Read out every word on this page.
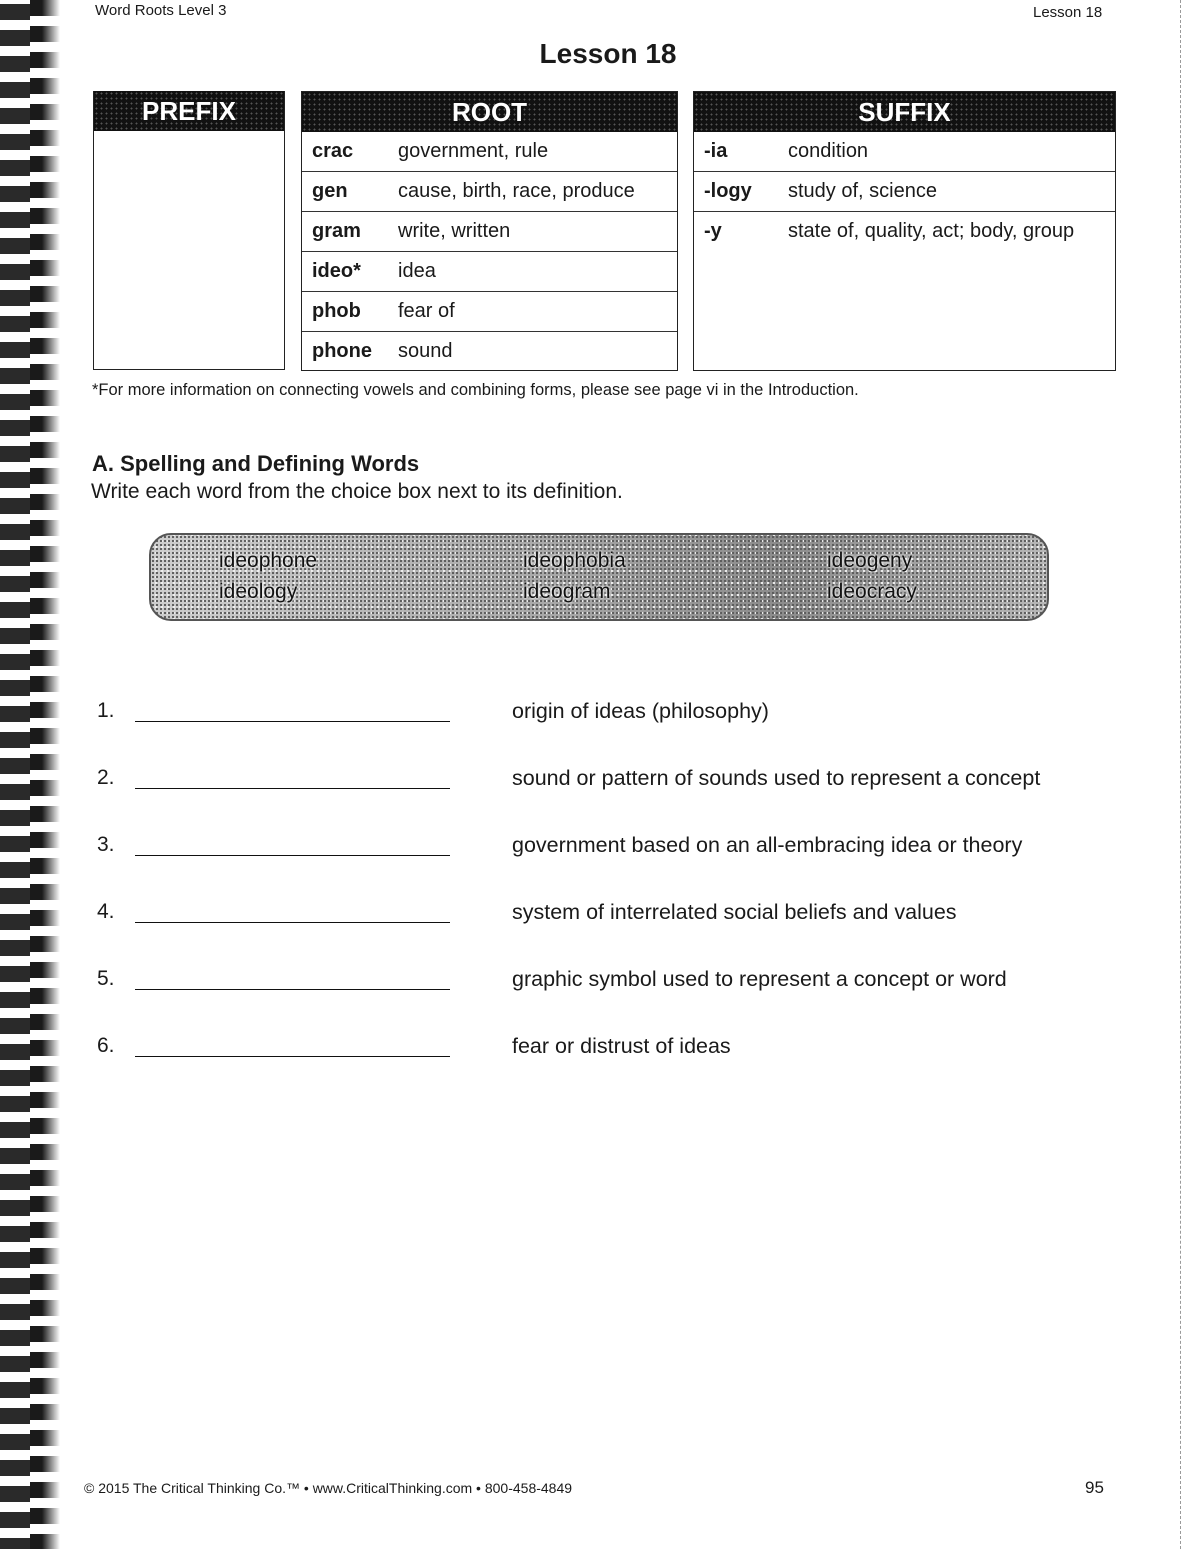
Word Roots Level 3	Lesson 18
Lesson 18
PREFIX	ROOT
crac	government, rule
gen	cause, birth, race, produce
gram	write, written
ideo*	idea
phob	fear of
phone	sound
SUFFIX
-ia	condition
-logy	study of, science
-y	state of, quality, act; body, group
*For more information on connecting vowels and combining forms, please see page vi in the Introduction.
A. Spelling and Defining Words
Write each word from the choice box next to its definition.
ideophone
ideology
ideophobia
ideogram
ideogeny
ideocracy
1.	origin of ideas (philosophy)
2.	sound or pattern of sounds used to represent a concept
3.	government based on an all-embracing idea or theory
4.	system of interrelated social beliefs and values
5.	graphic symbol used to represent a concept or word
6.	fear or distrust of ideas
© 2015 The Critical Thinking Co.™ • www.CriticalThinking.com • 800-458-4849	95
